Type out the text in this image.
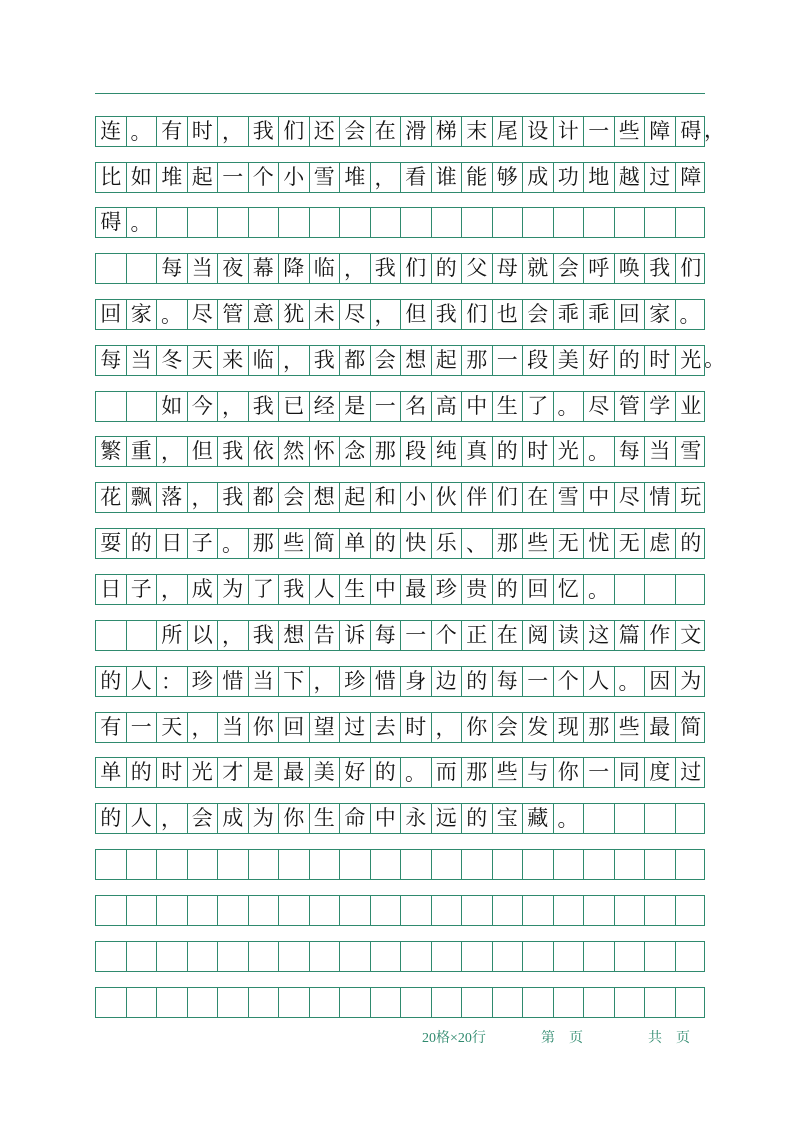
连 。 有 时 ， 我 们 还 会 在 滑 梯 末 尾 设 计 一 些 障 碍 ，
比 如 堆 起 一 个 小 雪 堆 ， 看 谁 能 够 成 功 地 越 过 障
碍 。
每 当 夜 幕 降 临 ， 我 们 的 父 母 就 会 呼 唤 我 们
回 家 。 尽 管 意 犹 未 尽 ， 但 我 们 也 会 乖 乖 回 家 。
每 当 冬 天 来 临 ， 我 都 会 想 起 那 一 段 美 好 的 时 光 。
如 今 ， 我 已 经 是 一 名 高 中 生 了 。 尽 管 学 业
繁 重 ， 但 我 依 然 怀 念 那 段 纯 真 的 时 光 。 每 当 雪
花 飘 落 ， 我 都 会 想 起 和 小 伙 伴 们 在 雪 中 尽 情 玩
耍 的 日 子 。 那 些 简 单 的 快 乐 、 那 些 无 忧 无 虑 的
日 子 ， 成 为 了 我 人 生 中 最 珍 贵 的 回 忆 。
所 以 ， 我 想 告 诉 每 一 个 正 在 阅 读 这 篇 作 文
的 人 ： 珍 惜 当 下 ， 珍 惜 身 边 的 每 一 个 人 。 因 为
有 一 天 ， 当 你 回 望 过 去 时 ， 你 会 发 现 那 些 最 简
单 的 时 光 才 是 最 美 好 的 。 而 那 些 与 你 一 同 度 过
的 人 ， 会 成 为 你 生 命 中 永 远 的 宝 藏 。
20格×20行	第　页	共　页
